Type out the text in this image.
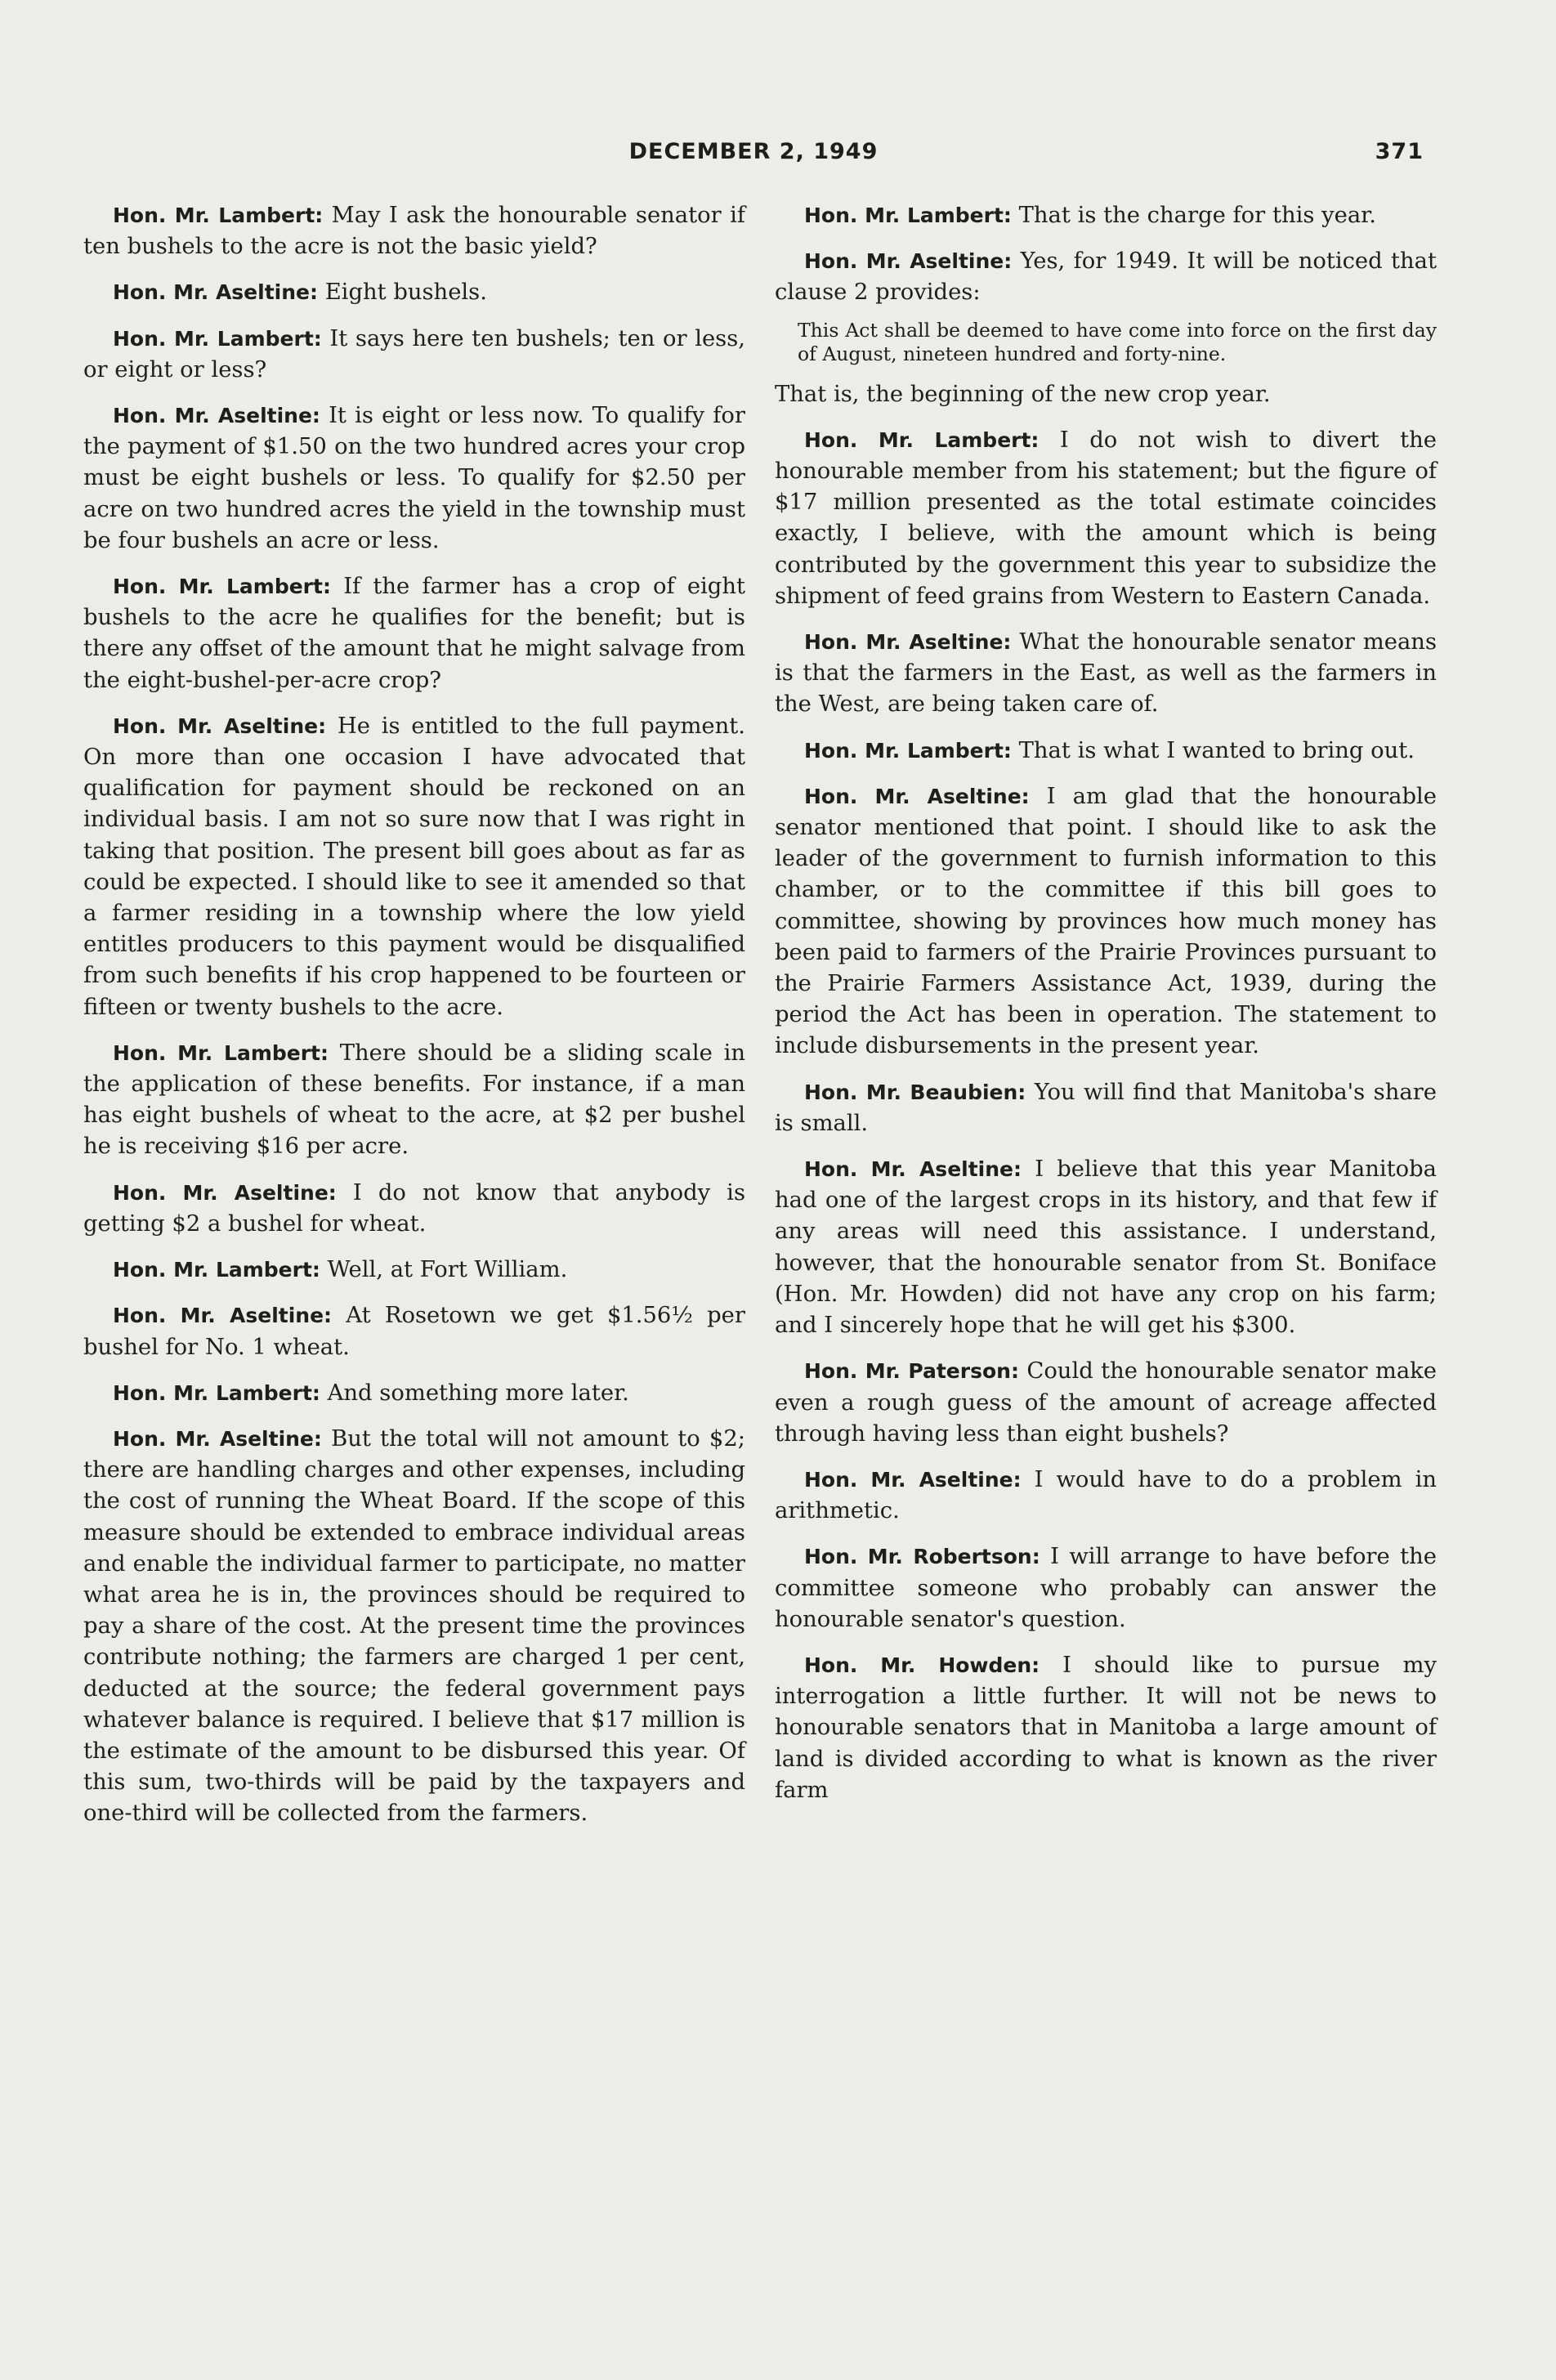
DECEMBER 2, 1949	371

Hon. Mr. Lambert: May I ask the honourable senator if ten bushels to the acre is not the basic yield?

Hon. Mr. Aseltine: Eight bushels.

Hon. Mr. Lambert: It says here ten bushels; ten or less, or eight or less?

Hon. Mr. Aseltine: It is eight or less now. To qualify for the payment of $1.50 on the two hundred acres your crop must be eight bushels or less. To qualify for $2.50 per acre on two hundred acres the yield in the township must be four bushels an acre or less.

Hon. Mr. Lambert: If the farmer has a crop of eight bushels to the acre he qualifies for the benefit; but is there any offset of the amount that he might salvage from the eight-bushel-per-acre crop?

Hon. Mr. Aseltine: He is entitled to the full payment. On more than one occasion I have advocated that qualification for payment should be reckoned on an individual basis. I am not so sure now that I was right in taking that position. The present bill goes about as far as could be expected. I should like to see it amended so that a farmer residing in a township where the low yield entitles producers to this payment would be disqualified from such benefits if his crop happened to be fourteen or fifteen or twenty bushels to the acre.

Hon. Mr. Lambert: There should be a sliding scale in the application of these benefits. For instance, if a man has eight bushels of wheat to the acre, at $2 per bushel he is receiving $16 per acre.

Hon. Mr. Aseltine: I do not know that anybody is getting $2 a bushel for wheat.

Hon. Mr. Lambert: Well, at Fort William.

Hon. Mr. Aseltine: At Rosetown we get $1.56½ per bushel for No. 1 wheat.

Hon. Mr. Lambert: And something more later.

Hon. Mr. Aseltine: But the total will not amount to $2; there are handling charges and other expenses, including the cost of running the Wheat Board. If the scope of this measure should be extended to embrace individual areas and enable the individual farmer to participate, no matter what area he is in, the provinces should be required to pay a share of the cost. At the present time the provinces contribute nothing; the farmers are charged 1 per cent, deducted at the source; the federal government pays whatever balance is required. I believe that $17 million is the estimate of the amount to be disbursed this year. Of this sum, two-thirds will be paid by the taxpayers and one-third will be collected from the farmers.

Hon. Mr. Lambert: That is the charge for this year.

Hon. Mr. Aseltine: Yes, for 1949. It will be noticed that clause 2 provides:

This Act shall be deemed to have come into force on the first day of August, nineteen hundred and forty-nine.

That is, the beginning of the new crop year.

Hon. Mr. Lambert: I do not wish to divert the honourable member from his statement; but the figure of $17 million presented as the total estimate coincides exactly, I believe, with the amount which is being contributed by the government this year to subsidize the shipment of feed grains from Western to Eastern Canada.

Hon. Mr. Aseltine: What the honourable senator means is that the farmers in the East, as well as the farmers in the West, are being taken care of.

Hon. Mr. Lambert: That is what I wanted to bring out.

Hon. Mr. Aseltine: I am glad that the honourable senator mentioned that point. I should like to ask the leader of the government to furnish information to this chamber, or to the committee if this bill goes to committee, showing by provinces how much money has been paid to farmers of the Prairie Provinces pursuant to the Prairie Farmers Assistance Act, 1939, during the period the Act has been in operation. The statement to include disbursements in the present year.

Hon. Mr. Beaubien: You will find that Manitoba's share is small.

Hon. Mr. Aseltine: I believe that this year Manitoba had one of the largest crops in its history, and that few if any areas will need this assistance. I understand, however, that the honourable senator from St. Boniface (Hon. Mr. Howden) did not have any crop on his farm; and I sincerely hope that he will get his $300.

Hon. Mr. Paterson: Could the honourable senator make even a rough guess of the amount of acreage affected through having less than eight bushels?

Hon. Mr. Aseltine: I would have to do a problem in arithmetic.

Hon. Mr. Robertson: I will arrange to have before the committee someone who probably can answer the honourable senator's question.

Hon. Mr. Howden: I should like to pursue my interrogation a little further. It will not be news to honourable senators that in Manitoba a large amount of land is divided according to what is known as the river farm
